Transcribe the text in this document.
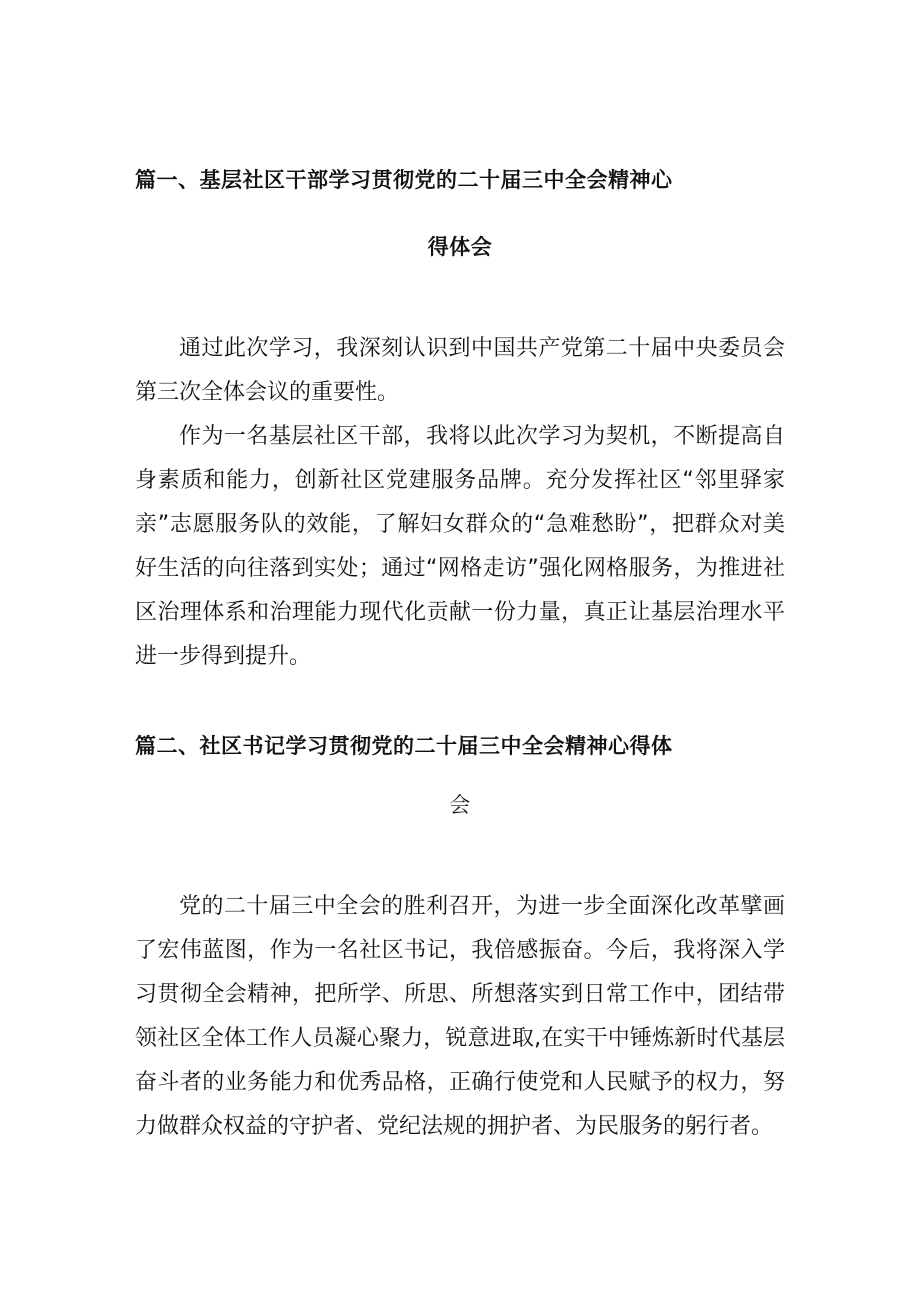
篇一、基层社区干部学习贯彻党的二十届三中全会精神心
得体会

通过此次学习，我深刻认识到中国共产党第二十届中央委员会第三次全体会议的重要性。

作为一名基层社区干部，我将以此次学习为契机，不断提高自身素质和能力，创新社区党建服务品牌。充分发挥社区“邻里驿家亲”志愿服务队的效能，了解妇女群众的“急难愁盼”，把群众对美好生活的向往落到实处；通过“网格走访”强化网格服务，为推进社区治理体系和治理能力现代化贡献一份力量，真正让基层治理水平进一步得到提升。

篇二、社区书记学习贯彻党的二十届三中全会精神心得体
会

党的二十届三中全会的胜利召开，为进一步全面深化改革擘画了宏伟蓝图，作为一名社区书记，我倍感振奋。今后，我将深入学习贯彻全会精神，把所学、所思、所想落实到日常工作中，团结带领社区全体工作人员凝心聚力，锐意进取,在实干中锤炼新时代基层奋斗者的业务能力和优秀品格，正确行使党和人民赋予的权力，努力做群众权益的守护者、党纪法规的拥护者、为民服务的躬行者。
